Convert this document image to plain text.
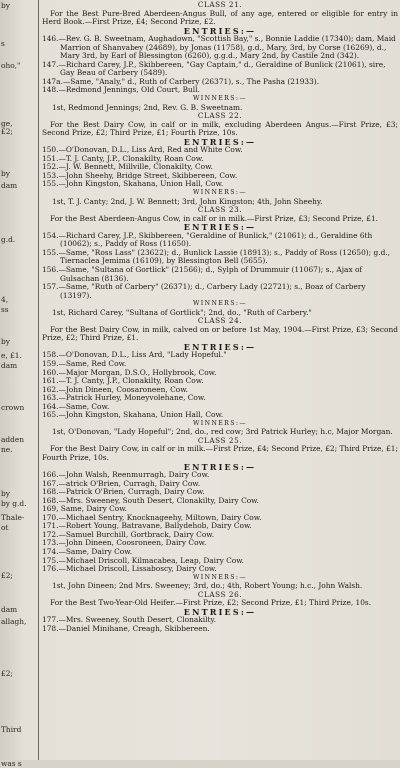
by
s
oho,"
ge,
£2;
by
dam
g.d.
4,
ss
by
e, £1.
dam
crown
adden
ne.
by
by g.d.
Thale-
ot
£2;
dam
allagh,
£2;
was s
Third
CLASS 21.
For the Best Pure-Bred Aberdeen-Angus Bull, of any age, entered or eligible for entry in Herd Book.—First Prize, £4; Second Prize, £2.
ENTRIES:—
146.—Rev. G. B. Sweetnam, Aughadown, "Scottish Bay," s., Bonnie Laddie (17340); dam, Maid Marrion of Shanvabey (24689), by Jonas (11758), g.d., Mary, 3rd, by Corse (16269), d., Mary 3rd, by Earl of Blessington (6260), g.g.d., Mary 2nd, by Castile 2nd (342).
147.—Richard Carey, J.P., Skibbereen, "Gay Captain," d., Geraldine of Bunlick (21061), sire, Gay Beau of Carbery (5489).
147a.—Same, "Analy," d., Ruth of Carbery (26371), s., The Pasha (21933).
148.—Redmond Jennings, Old Court, Bull.
WINNERS:—
1st, Redmond Jennings; 2nd, Rev. G. B. Sweetnam.
CLASS 22.
For the Best Dairy Cow, in calf or in milk, excluding Aberdeen Angus.—First Prize, £3; Second Prize, £2; Third Prize, £1; Fourth Prize, 10s.
ENTRIES:—
150.—O'Donovan, D.L., Liss Ard, Red and White Cow.
151.—T. J. Canty, J.P., Clonakilty, Roan Cow.
152.—J. W. Bennett, Millville, Clonakilty, Cow.
153.—John Sheehy, Bridge Street, Skibbereen, Cow.
155.—John Kingston, Skahana, Union Hall, Cow.
WINNERS:—
1st, T. J. Canty; 2nd, J. W. Bennett; 3rd, John Kingston; 4th, John Sheehy.
CLASS 23.
For the Best Aberdeen-Angus Cow, in calf or in milk.—First Prize, £3; Second Prize, £1.
ENTRIES:—
154.—Richard Carey, J.P., Skibbereen, "Geraldine of Bunlick," (21061); d., Geraldine 6th (10062); s., Paddy of Ross (11650).
155.—Same, "Ross Lass" (23622); d., Bunlick Lassie (18913); s., Paddy of Ross (12650); g.d., Tiernaclea Jemima (16109), by Blessington Bell (5655).
156.—Same, "Sultana of Gortlick" (21566); d., Sylph of Drummuir (11067); s., Ajax of Gulsachan (8136).
157.—Same, "Ruth of Carbery" (26371); d., Carbery Lady (22721); s., Boaz of Carbery (13197).
WINNERS:—
1st, Richard Carey, "Sultana of Gortlick"; 2nd, do., "Ruth of Carbery."
CLASS 24.
For the Best Dairy Cow, in milk, calved on or before 1st May, 1904.—First Prize, £3; Second Prize, £2; Third Prize, £1.
ENTRIES:—
158.—O'Donovan, D.L., Liss Ard, "Lady Hopeful."
159.—Same, Red Cow.
160.—Major Morgan, D.S.O., Hollybrook, Cow.
161.—T. J. Canty, J.P., Clonakilty, Roan Cow.
162.—John Dineen, Coosaroneen, Cow.
163.—Patrick Hurley, Moneyvolehane, Cow.
164.—Same, Cow.
165.—John Kingston, Skahana, Union Hall, Cow.
WINNERS:—
1st, O'Donovan, "Lady Hopeful"; 2nd, do., red cow; 3rd Patrick Hurley; h.c, Major Morgan.
CLASS 25.
For the Best Dairy Cow, in calf or in milk.—First Prize, £4; Second Prize, £2; Third Prize, £1; Fourth Prize, 10s.
ENTRIES:—
166.—John Walsh, Reenmurragh, Dairy Cow.
167.—atrick O'Brien, Curragh, Dairy Cow.
168.—Patrick O'Brien, Curragh, Dairy Cow.
168.—Mrs. Sweeney, South Desert, Clonakilty, Dairy Cow.
169, Same, Dairy Cow.
170.—Michael Sentry, Knocknageehy, Miltown, Dairy Cow.
171.—Robert Young, Batravane, Ballydehob, Dairy Cow.
172.—Samuel Burchill, Gortbrack, Dairy Cow.
173.—John Dineen, Coosroneen, Dairy Cow.
174.—Same, Dairy Cow.
175.—Michael Driscoll, Kilmacabea, Leap, Dairy Cow.
176.—Michael Driscoll, Lissaboscy, Dairy Cow.
WINNERS:—
1st, John Dineen; 2nd Mrs. Sweeney; 3rd, do.; 4th, Robert Young; h.c., John Walsh.
CLASS 26.
For the Best Two-Year-Old Heifer.—First Prize, £2; Second Prize, £1; Third Prize, 10s.
ENTRIES:—
177.—Mrs. Sweeney, South Desert, Clonakilty.
178.—Daniel Minihane, Creagh, Skibbereen.
